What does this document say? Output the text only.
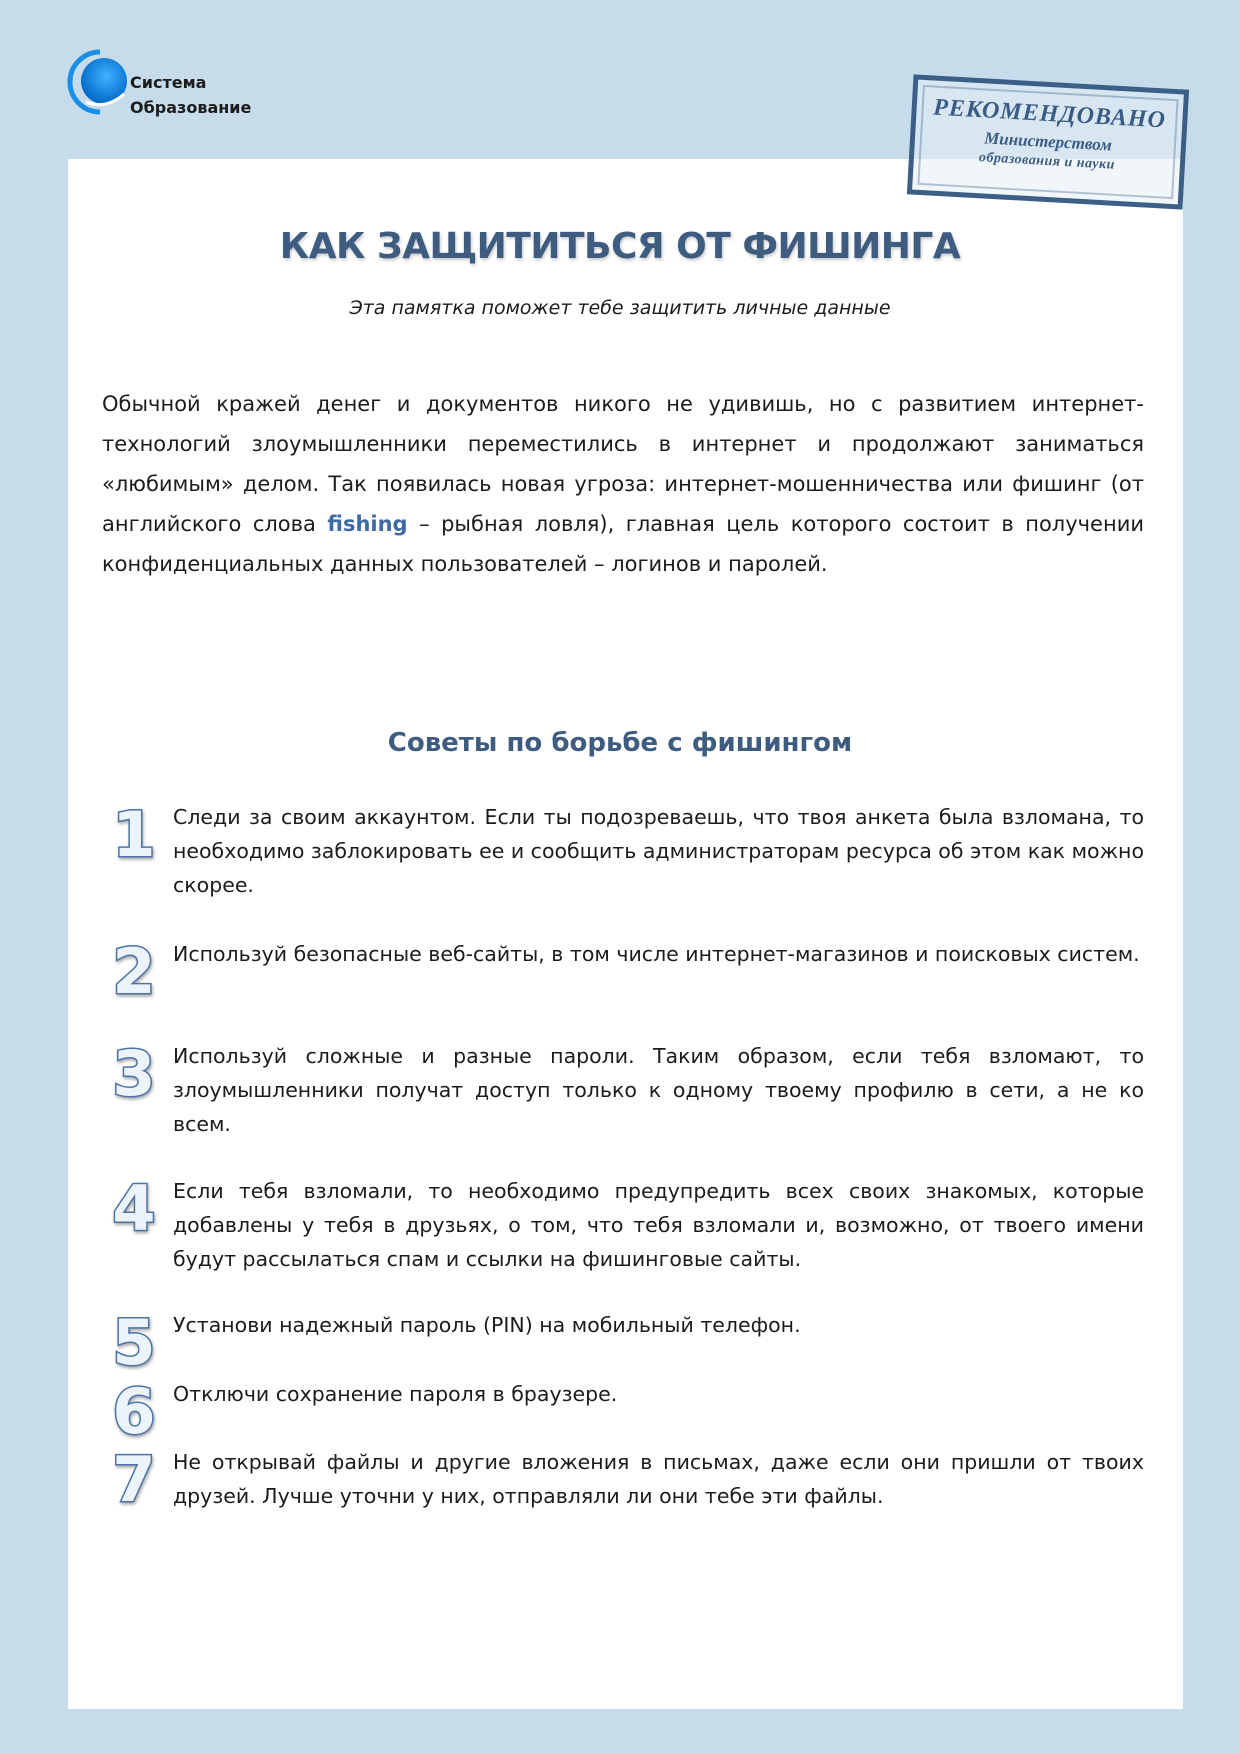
Система
Образование	РЕКОМЕНДОВАНО
Министерством
образования и науки
КАК ЗАЩИТИТЬСЯ ОТ ФИШИНГА
Эта памятка поможет тебе защитить личные данные

Обычной кражей денег и документов никого не удивишь, но с развитием интернет-технологий злоумышленники переместились в интернет и продолжают заниматься «любимым» делом. Так появилась новая угроза: интернет-мошенничества или фишинг (от английского слова fishing – рыбная ловля), главная цель которого состоит в получении конфиденциальных данных пользователей – логинов и паролей.

Советы по борьбе с фишингом
1 Следи за своим аккаунтом. Если ты подозреваешь, что твоя анкета была взломана, то необходимо заблокировать ее и сообщить администраторам ресурса об этом как можно скорее.

2 Используй безопасные веб-сайты, в том числе интернет-магазинов и поисковых систем.

3 Используй сложные и разные пароли. Таким образом, если тебя взломают, то злоумышленники получат доступ только к одному твоему профилю в сети, а не ко всем.

4 Если тебя взломали, то необходимо предупредить всех своих знакомых, которые добавлены у тебя в друзьях, о том, что тебя взломали и, возможно, от твоего имени будут рассылаться спам и ссылки на фишинговые сайты.

5 Установи надежный пароль (PIN) на мобильный телефон.

6 Отключи сохранение пароля в браузере.

7 Не открывай файлы и другие вложения в письмах, даже если они пришли от твоих друзей. Лучше уточни у них, отправляли ли они тебе эти файлы.
